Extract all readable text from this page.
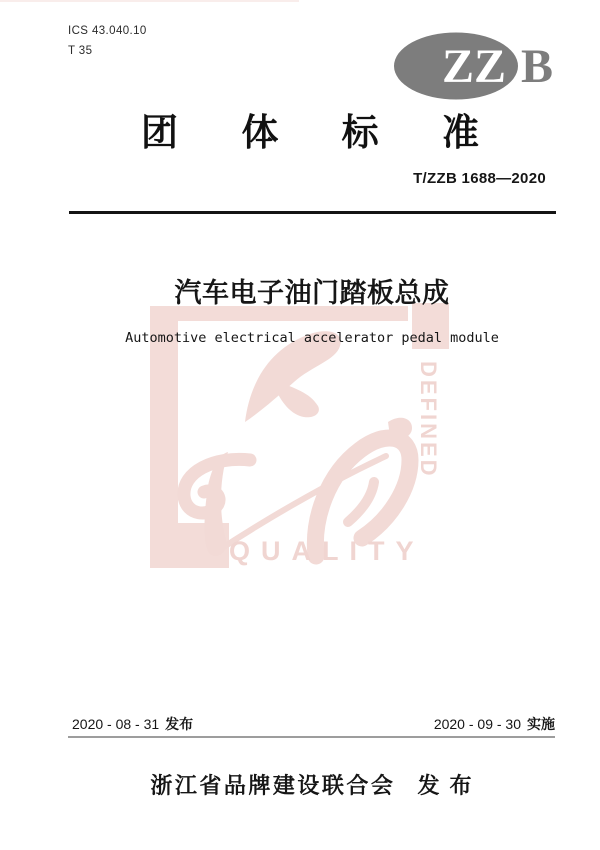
ICS 43.040.10
T 35	ZZ B
团 体 标 准
T/ZZB 1688—2020
QUALITY
DEFINED
汽车电子油门踏板总成
Automotive electrical accelerator pedal module
2020 - 08 - 31 发布	2020 - 09 - 30 实施
浙江省品牌建设联合会 发 布
